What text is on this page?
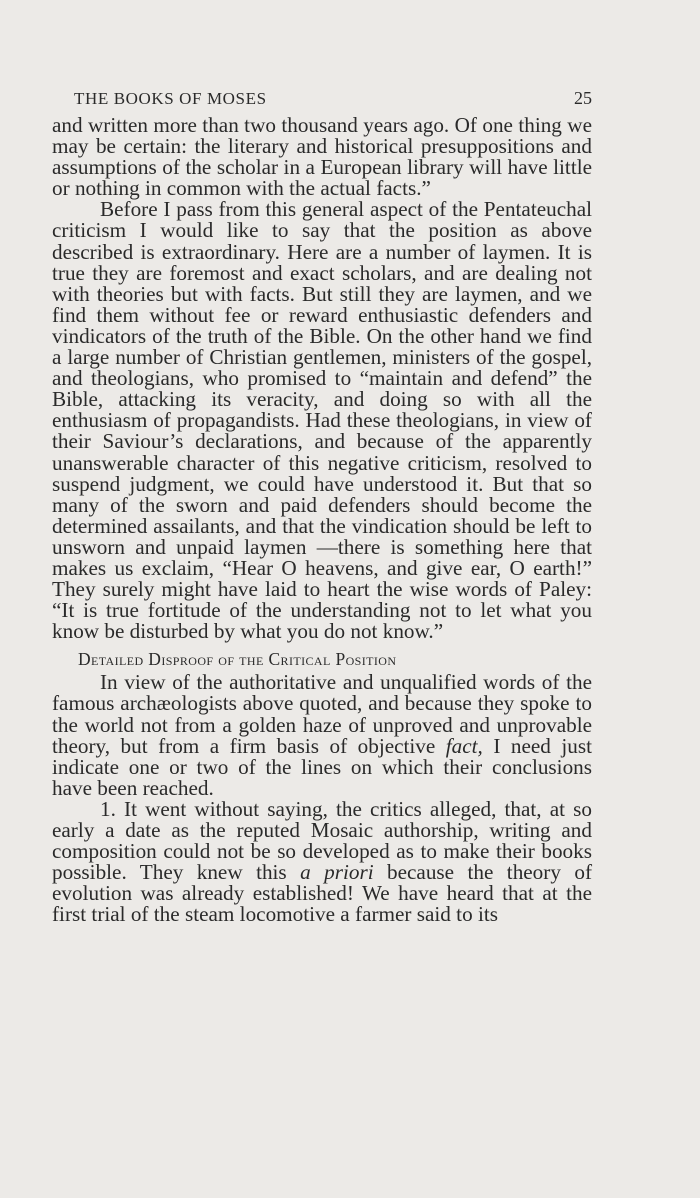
THE BOOKS OF MOSES	25

and written more than two thousand years ago. Of one thing we may be certain: the literary and historical presuppositions and assumptions of the scholar in a European library will have little or nothing in common with the actual facts.”

Before I pass from this general aspect of the Pentateuchal criticism I would like to say that the position as above described is extraordinary. Here are a number of laymen. It is true they are foremost and exact scholars, and are dealing not with theories but with facts. But still they are laymen, and we find them without fee or reward enthusiastic defenders and vindicators of the truth of the Bible. On the other hand we find a large number of Christian gentlemen, ministers of the gospel, and theologians, who promised to “maintain and defend” the Bible, attacking its veracity, and doing so with all the enthusiasm of propagandists. Had these theologians, in view of their Saviour’s declarations, and because of the apparently unanswerable character of this negative criticism, resolved to suspend judgment, we could have understood it. But that so many of the sworn and paid defenders should become the determined assailants, and that the vindication should be left to unsworn and unpaid laymen —there is something here that makes us exclaim, “Hear O heavens, and give ear, O earth!” They surely might have laid to heart the wise words of Paley: “It is true fortitude of the understanding not to let what you know be disturbed by what you do not know.”

Detailed Disproof of the Critical Position

In view of the authoritative and unqualified words of the famous archæologists above quoted, and because they spoke to the world not from a golden haze of unproved and unprovable theory, but from a firm basis of objective fact, I need just indicate one or two of the lines on which their conclusions have been reached.

1. It went without saying, the critics alleged, that, at so early a date as the reputed Mosaic authorship, writing and composition could not be so developed as to make their books possible. They knew this a priori because the theory of evolution was already established! We have heard that at the first trial of the steam locomotive a farmer said to its
